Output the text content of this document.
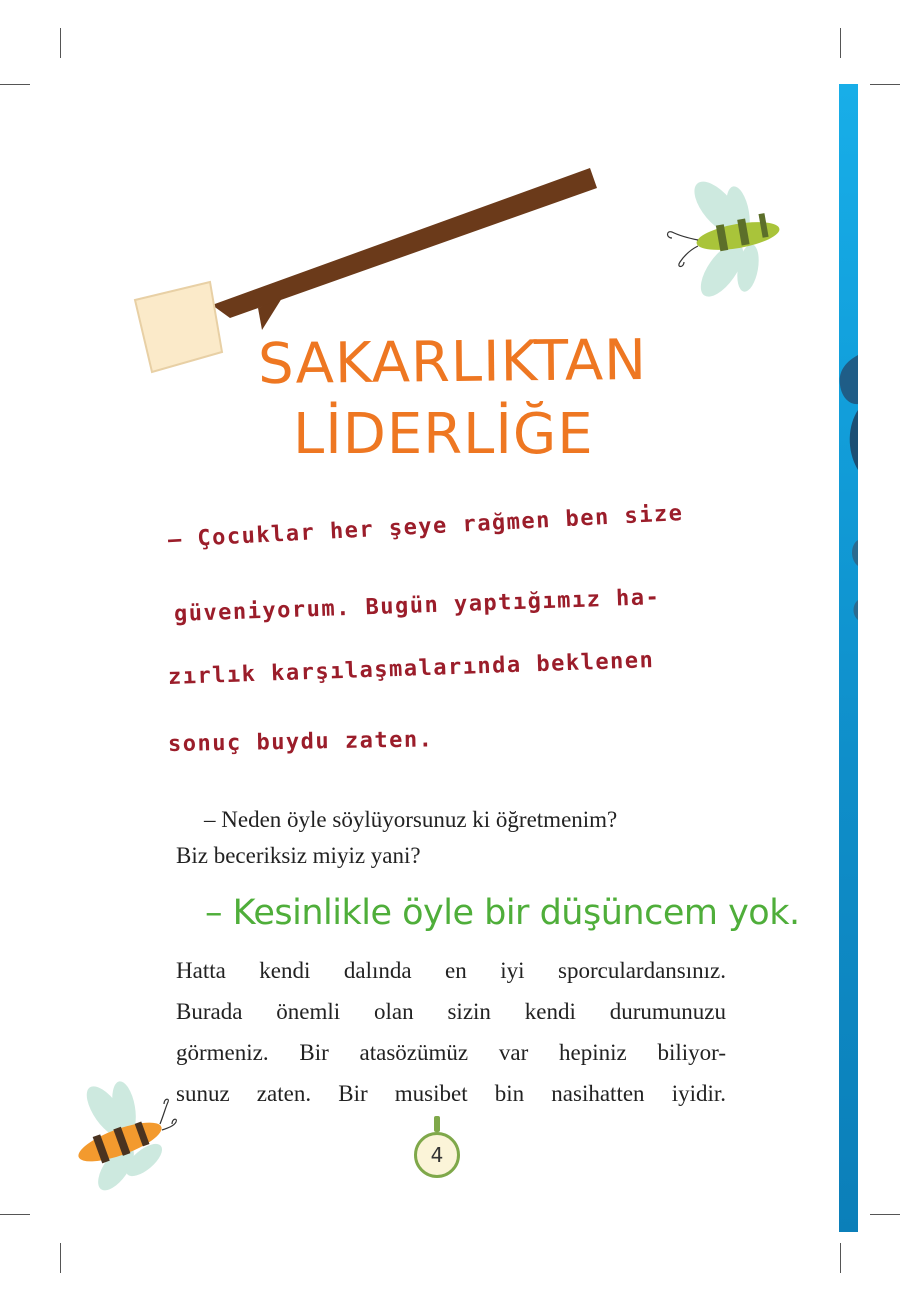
SAKARLIKTAN
LİDERLİĞE
– Çocuklar her şeye rağmen ben size
güveniyorum. Bugün yaptığımız ha-
zırlık karşılaşmalarında beklenen
sonuç buydu zaten.

– Neden öyle söylüyorsunuz ki öğretmenim?
Biz beceriksiz miyiz yani?

– Kesinlikle öyle bir düşüncem yok.

Hatta kendi dalında en iyi sporculardansınız.
Burada önemli olan sizin kendi durumunuzu
görmeniz. Bir atasözümüz var hepiniz biliyor-
sunuz zaten. Bir musibet bin nasihatten iyidir.

4
